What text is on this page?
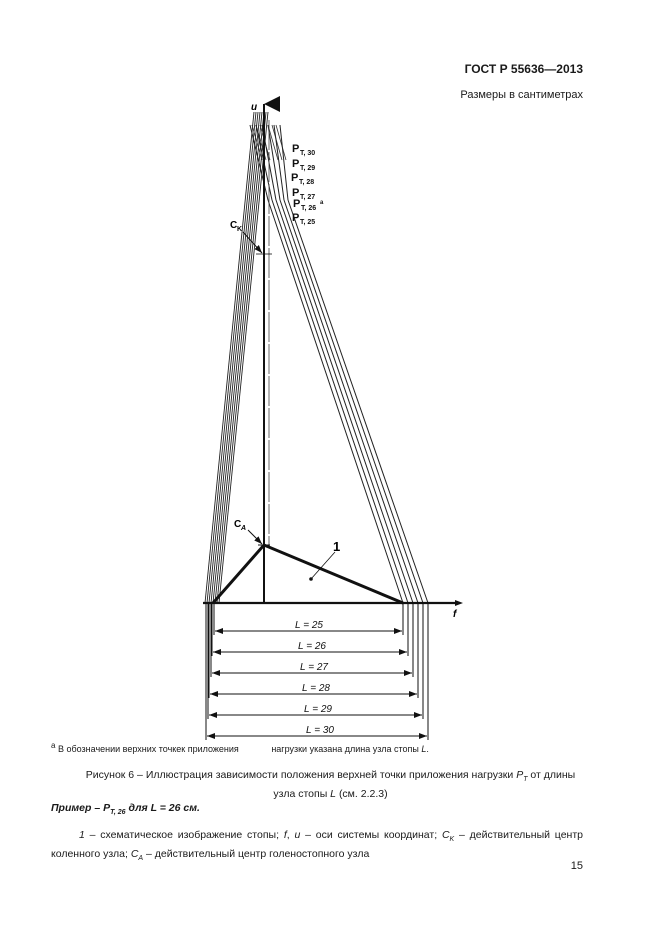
ГОСТ Р 55636—2013
Размеры в сантиметрах
u
f
1
C A
C K
P T, 30
P T, 29
P T, 28
P T, 27
P T, 26
a
P T, 25
L = 25
L = 26
L = 27
L = 28
L = 29
L = 30
$^a$ В обозначении верхних точкек приложения	нагрузки указана длина узла стопы L.
Рисунок 6 – Иллюстрация зависимости положения верхней точки приложения нагрузки $P_T$ от длины
узла стопы L (см. 2.2.3)
Пример – $P_{T, 26}$ для L = 26 см.
1 – схематическое изображение стопы; f, u – оси системы координат; $C_K$ – действительный центр коленного узла; $C_A$ – действительный центр голеностопного узла
15
